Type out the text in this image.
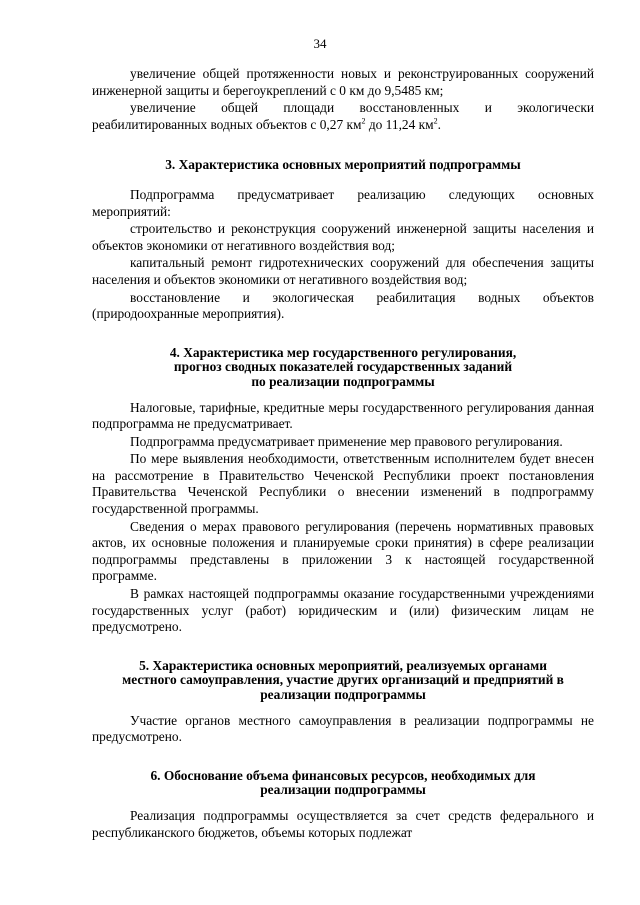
34

увеличение общей протяженности новых и реконструированных сооружений инженерной защиты и берегоукреплений с 0 км до 9,5485 км;

увеличение общей площади восстановленных и экологически реабилитированных водных объектов с 0,27 $км^2$ до 11,24 $км^2$.

3. Характеристика основных мероприятий подпрограммы

Подпрограмма предусматривает реализацию следующих основных мероприятий:

строительство и реконструкция сооружений инженерной защиты населения и объектов экономики от негативного воздействия вод;

капитальный ремонт гидротехнических сооружений для обеспечения защиты населения и объектов экономики от негативного воздействия вод;

восстановление и экологическая реабилитация водных объектов (природоохранные мероприятия).

4. Характеристика мер государственного регулирования,
прогноз сводных показателей государственных заданий
по реализации подпрограммы

Налоговые, тарифные, кредитные меры государственного регулирования данная подпрограмма не предусматривает.

Подпрограмма предусматривает применение мер правового регулирования.

По мере выявления необходимости, ответственным исполнителем будет внесен на рассмотрение в Правительство Чеченской Республики проект постановления Правительства Чеченской Республики о внесении изменений в подпрограмму государственной программы.

Сведения о мерах правового регулирования (перечень нормативных правовых актов, их основные положения и планируемые сроки принятия) в сфере реализации подпрограммы представлены в приложении 3 к настоящей государственной программе.

В рамках настоящей подпрограммы оказание государственными учреждениями государственных услуг (работ) юридическим и (или) физическим лицам не предусмотрено.

5. Характеристика основных мероприятий, реализуемых органами
местного самоуправления, участие других организаций и предприятий в
реализации подпрограммы

Участие органов местного самоуправления в реализации подпрограммы не предусмотрено.

6. Обоснование объема финансовых ресурсов, необходимых для
реализации подпрограммы

Реализация подпрограммы осуществляется за счет средств федерального и республиканского бюджетов, объемы которых подлежат
